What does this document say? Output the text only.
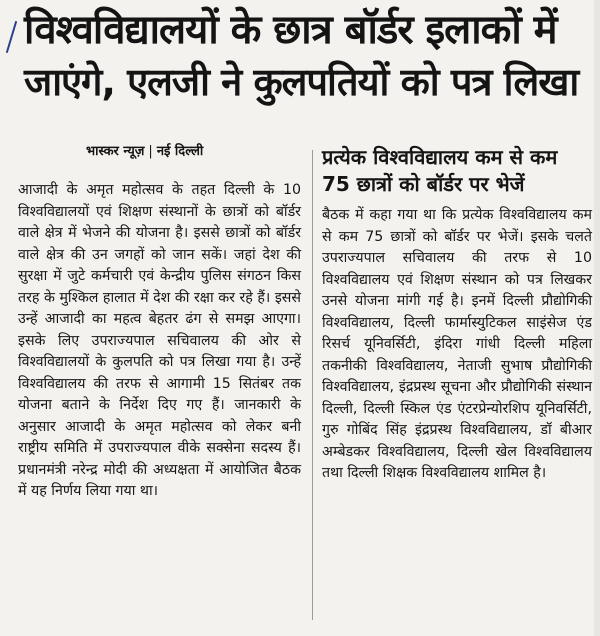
विश्वविद्यालयों के छात्र बॉर्डर इलाकों में
जाएंगे, एलजी ने कुलपतियों को पत्र लिखा
भास्कर न्यूज़ | नई दिल्ली

आजादी के अमृत महोत्सव के तहत दिल्ली के 10 विश्वविद्यालयों एवं शिक्षण संस्थानों के छात्रों को बॉर्डर वाले क्षेत्र में भेजने की योजना है। इससे छात्रों को बॉर्डर वाले क्षेत्र की उन जगहों को जान सकें। जहां देश की सुरक्षा में जुटे कर्मचारी एवं केन्द्रीय पुलिस संगठन किस तरह के मुश्किल हालात में देश की रक्षा कर रहे हैं। इससे उन्हें आजादी का महत्व बेहतर ढंग से समझ आएगा। इसके लिए उपराज्यपाल सचिवालय की ओर से विश्वविद्यालयों के कुलपति को पत्र लिखा गया है। उन्हें विश्वविद्यालय की तरफ से आगामी 15 सितंबर तक योजना बताने के निर्देश दिए गए हैं। जानकारी के अनुसार आजादी के अमृत महोत्सव को लेकर बनी राष्ट्रीय समिति में उपराज्यपाल वीके सक्सेना सदस्य हैं। प्रधानमंत्री नरेन्द्र मोदी की अध्यक्षता में आयोजित बैठक में यह निर्णय लिया गया था।

प्रत्येक विश्वविद्यालय कम से कम 75 छात्रों को बॉर्डर पर भेजें

बैठक में कहा गया था कि प्रत्येक विश्वविद्यालय कम से कम 75 छात्रों को बॉर्डर पर भेजें। इसके चलते उपराज्यपाल सचिवालय की तरफ से 10 विश्वविद्यालय एवं शिक्षण संस्थान को पत्र लिखकर उनसे योजना मांगी गई है। इनमें दिल्ली प्रौद्योगिकी विश्वविद्यालय, दिल्ली फार्मास्युटिकल साइंसेज एंड रिसर्च यूनिवर्सिटी, इंदिरा गांधी दिल्ली महिला तकनीकी विश्वविद्यालय, नेताजी सुभाष प्रौद्योगिकी विश्वविद्यालय, इंद्रप्रस्थ सूचना और प्रौद्योगिकी संस्थान दिल्ली, दिल्ली स्किल एंड एंटरप्रेन्योरशिप यूनिवर्सिटी, गुरु गोबिंद सिंह इंद्रप्रस्थ विश्वविद्यालय, डॉ बीआर अम्बेडकर विश्वविद्यालय, दिल्ली खेल विश्वविद्यालय तथा दिल्ली शिक्षक विश्वविद्यालय शामिल है।
